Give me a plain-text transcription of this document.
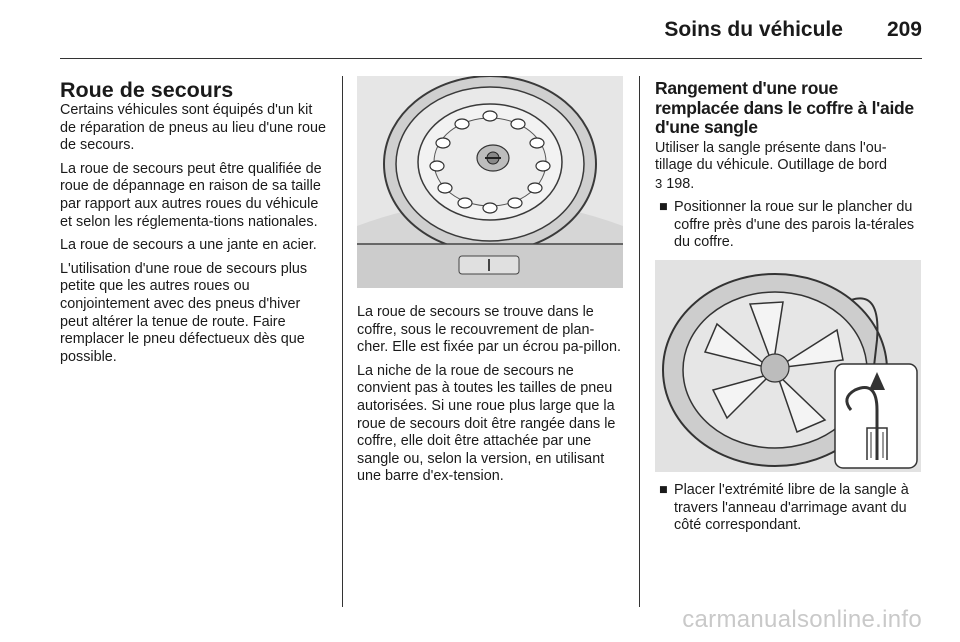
Soins du véhicule 209
Roue de secours

Certains véhicules sont équipés d'un kit de réparation de pneus au lieu d'une roue de secours.

La roue de secours peut être qualifiée de roue de dépannage en raison de sa taille par rapport aux autres roues du véhicule et selon les réglementa-tions nationales.

La roue de secours a une jante en acier.

L'utilisation d'une roue de secours plus petite que les autres roues ou conjointement avec des pneus d'hiver peut altérer la tenue de route. Faire remplacer le pneu défectueux dès que possible.

La roue de secours se trouve dans le coffre, sous le recouvrement de plan-cher. Elle est fixée par un écrou pa-pillon.

La niche de la roue de secours ne convient pas à toutes les tailles de pneu autorisées. Si une roue plus large que la roue de secours doit être rangée dans le coffre, elle doit être attachée par une sangle ou, selon la version, en utilisant une barre d'ex-tension.

Rangement d'une roue remplacée dans le coffre à l'aide d'une sangle

Utiliser la sangle présente dans l'ou-tillage du véhicule. Outillage de bord
3 198.

■ Positionner la roue sur le plancher du coffre près d'une des parois la-térales du coffre.
■ Placer l'extrémité libre de la sangle à travers l'anneau d'arrimage avant du côté correspondant.
carmanualsonline.info
